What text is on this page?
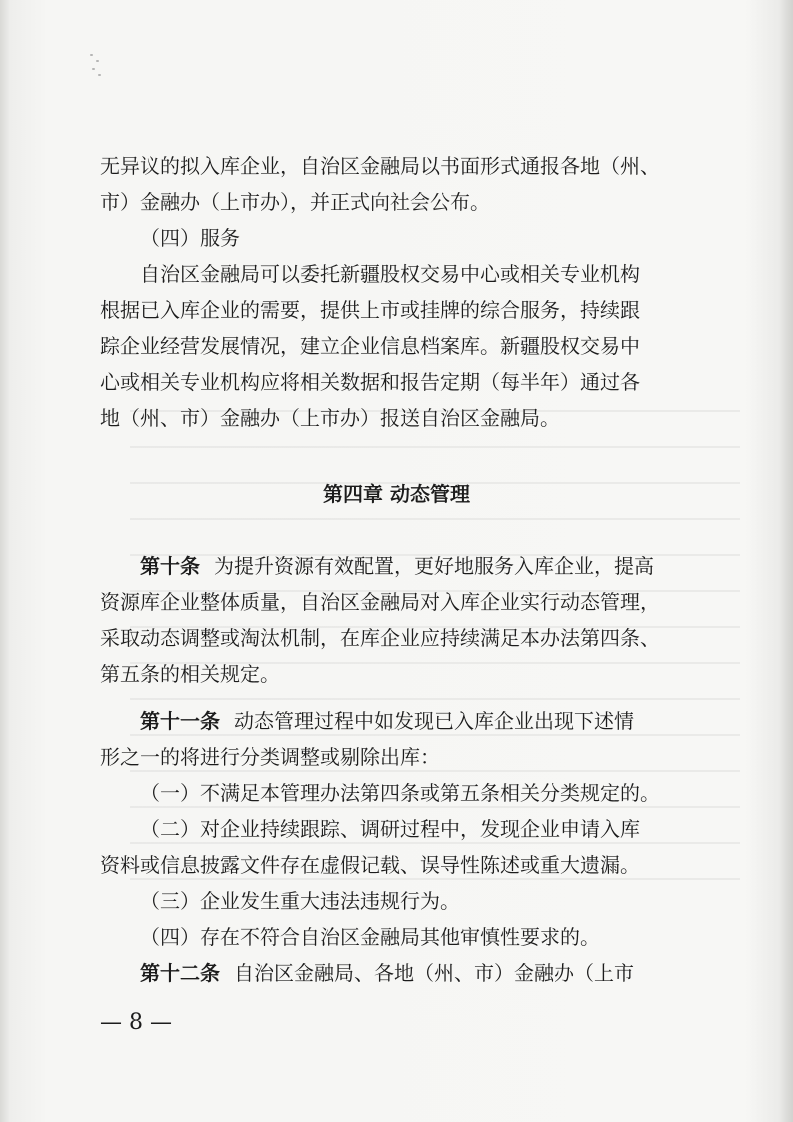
无异议的拟入库企业，自治区金融局以书面形式通报各地（州、
市）金融办（上市办），并正式向社会公布。
（四）服务
自治区金融局可以委托新疆股权交易中心或相关专业机构
根据已入库企业的需要，提供上市或挂牌的综合服务，持续跟
踪企业经营发展情况，建立企业信息档案库。新疆股权交易中
心或相关专业机构应将相关数据和报告定期（每半年）通过各
地（州、市）金融办（上市办）报送自治区金融局。
第四章 动态管理
第十条 为提升资源有效配置，更好地服务入库企业，提高
资源库企业整体质量，自治区金融局对入库企业实行动态管理，
采取动态调整或淘汰机制，在库企业应持续满足本办法第四条、
第五条的相关规定。
第十一条 动态管理过程中如发现已入库企业出现下述情
形之一的将进行分类调整或剔除出库：
（一）不满足本管理办法第四条或第五条相关分类规定的。
（二）对企业持续跟踪、调研过程中，发现企业申请入库
资料或信息披露文件存在虚假记载、误导性陈述或重大遗漏。
（三）企业发生重大违法违规行为。
（四）存在不符合自治区金融局其他审慎性要求的。
第十二条 自治区金融局、各地（州、市）金融办（上市
— 8 —
